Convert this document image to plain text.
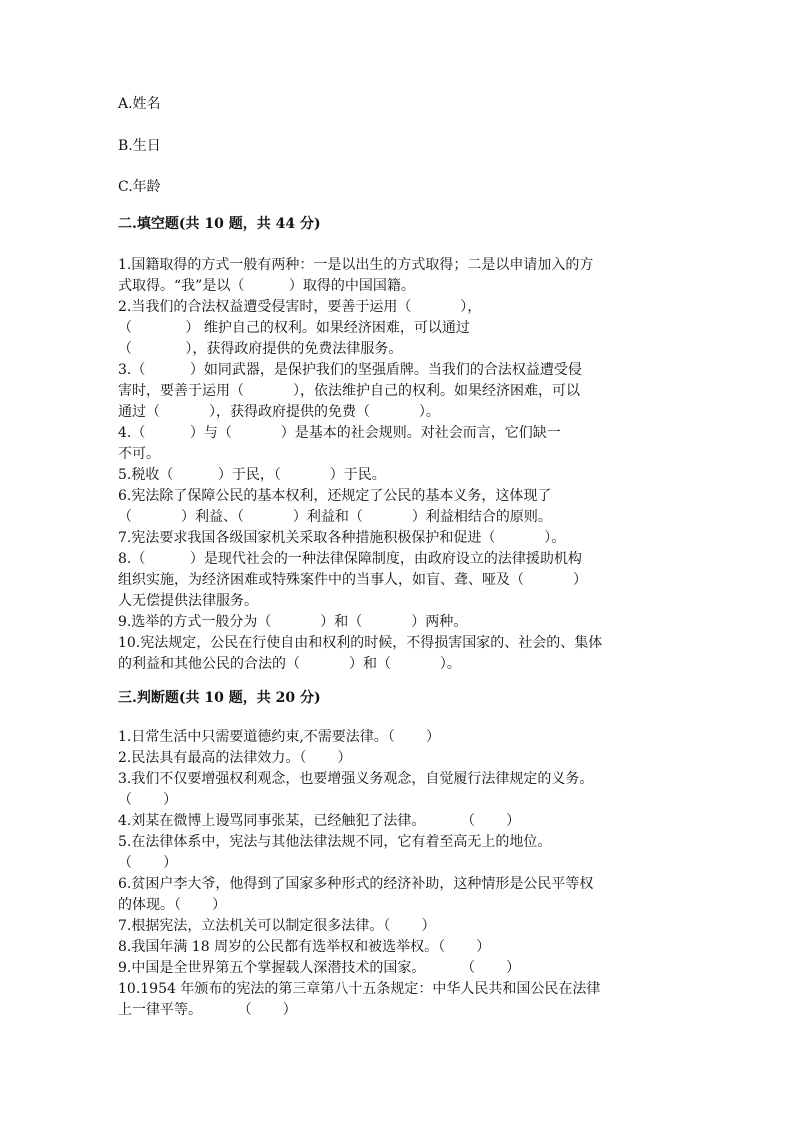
A.姓名
B.生日
C.年龄
二.填空题(共 10 题，共 44 分)
1.国籍取得的方式一般有两种：一是以出生的方式取得；二是以申请加入的方
式取得。“我”是以（          ）取得的中国国籍。
2.当我们的合法权益遭受侵害时，要善于运用（           ），
（            ） 维护自己的权利。如果经济困难，可以通过
（            ），获得政府提供的免费法律服务。
3.（          ）如同武器，是保护我们的坚强盾牌。当我们的合法权益遭受侵
害时，要善于运用（           ），依法维护自己的权利。如果经济困难，可以
通过（           ），获得政府提供的免费（           ）。
4.（          ）与（           ）是基本的社会规则。对社会而言，它们缺一
不可。
5.税收（          ）于民，（           ）于民。
6.宪法除了保障公民的基本权利，还规定了公民的基本义务，这体现了
（           ）利益、（           ）利益和（           ）利益相结合的原则。
7.宪法要求我国各级国家机关采取各种措施积极保护和促进（           ）。
8.（          ）是现代社会的一种法律保障制度，由政府设立的法律援助机构
组织实施，为经济困难或特殊案件中的当事人，如盲、聋、哑及（           ）
人无偿提供法律服务。
9.选举的方式一般分为（           ）和（           ）两种。
10.宪法规定，公民在行使自由和权利的时候，不得损害国家的、社会的、集体
的利益和其他公民的合法的（           ）和（           ）。
三.判断题(共 10 题，共 20 分)
1.日常生活中只需要道德约束,不需要法律。（       ）
2.民法具有最高的法律效力。（       ）
3.我们不仅要增强权利观念，也要增强义务观念，自觉履行法律规定的义务。
（       ）
4.刘某在微博上谩骂同事张某，已经触犯了法律。        （       ）
5.在法律体系中，宪法与其他法律法规不同，它有着至高无上的地位。
（       ）
6.贫困户李大爷，他得到了国家多种形式的经济补助，这种情形是公民平等权
的体现。（       ）
7.根据宪法，立法机关可以制定很多法律。（       ）
8.我国年满 18 周岁的公民都有选举权和被选举权。（       ）
9.中国是全世界第五个掌握载人深潜技术的国家。        （       ）
10.1954 年颁布的宪法的第三章第八十五条规定：中华人民共和国公民在法律
上一律平等。        （       ）
